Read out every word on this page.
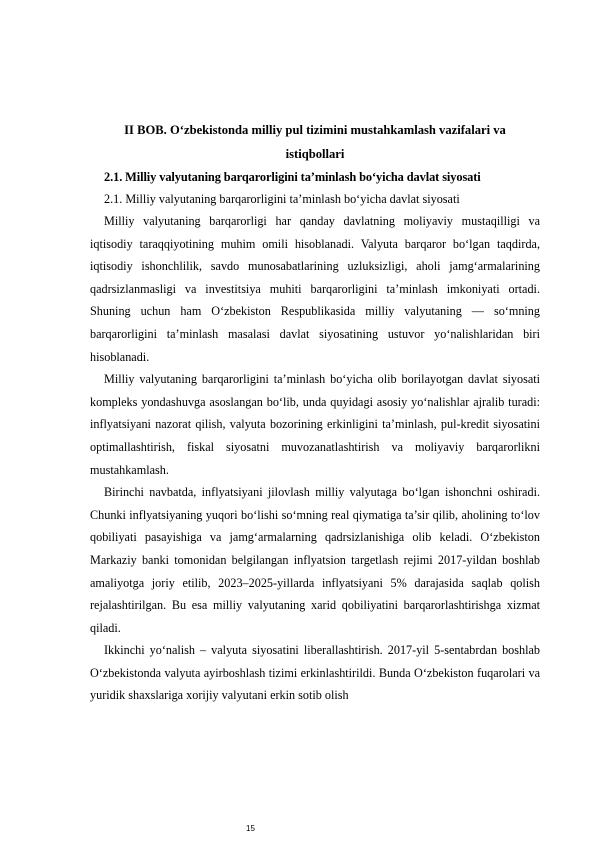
II BOB. O‘zbekistonda milliy pul tizimini mustahkamlash vazifalari va istiqbollari

2.1. Milliy valyutaning barqarorligini ta’minlash bo‘yicha davlat siyosati

2.1. Milliy valyutaning barqarorligini ta’minlash bo‘yicha davlat siyosati

Milliy valyutaning barqarorligi har qanday davlatning moliyaviy mustaqilligi va iqtisodiy taraqqiyotining muhim omili hisoblanadi. Valyuta barqaror bo‘lgan taqdirda, iqtisodiy ishonchlilik, savdo munosabatlarining uzluksizligi, aholi jamg‘armalarining qadrsizlanmasligi va investitsiya muhiti barqarorligini ta’minlash imkoniyati ortadi. Shuning uchun ham O‘zbekiston Respublikasida milliy valyutaning — so‘mning barqarorligini ta’minlash masalasi davlat siyosatining ustuvor yo‘nalishlaridan biri hisoblanadi.

Milliy valyutaning barqarorligini ta’minlash bo‘yicha olib borilayotgan davlat siyosati kompleks yondashuvga asoslangan bo‘lib, unda quyidagi asosiy yo‘nalishlar ajralib turadi: inflyatsiyani nazorat qilish, valyuta bozorining erkinligini ta’minlash, pul-kredit siyosatini optimallashtirish, fiskal siyosatni muvozanatlashtirish va moliyaviy barqarorlikni mustahkamlash.

Birinchi navbatda, inflyatsiyani jilovlash milliy valyutaga bo‘lgan ishonchni oshiradi. Chunki inflyatsiyaning yuqori bo‘lishi so‘mning real qiymatiga ta’sir qilib, aholining to‘lov qobiliyati pasayishiga va jamg‘armalarning qadrsizlanishiga olib keladi. O‘zbekiston Markaziy banki tomonidan belgilangan inflyatsion targetlash rejimi 2017-yildan boshlab amaliyotga joriy etilib, 2023–2025-yillarda inflyatsiyani 5% darajasida saqlab qolish rejalashtirilgan. Bu esa milliy valyutaning xarid qobiliyatini barqarorlashtirishga xizmat qiladi.

Ikkinchi yo‘nalish – valyuta siyosatini liberallashtirish. 2017-yil 5-sentabrdan boshlab O‘zbekistonda valyuta ayirboshlash tizimi erkinlashtirildi. Bunda O‘zbekiston fuqarolari va yuridik shaxslariga xorijiy valyutani erkin sotib olish

15
